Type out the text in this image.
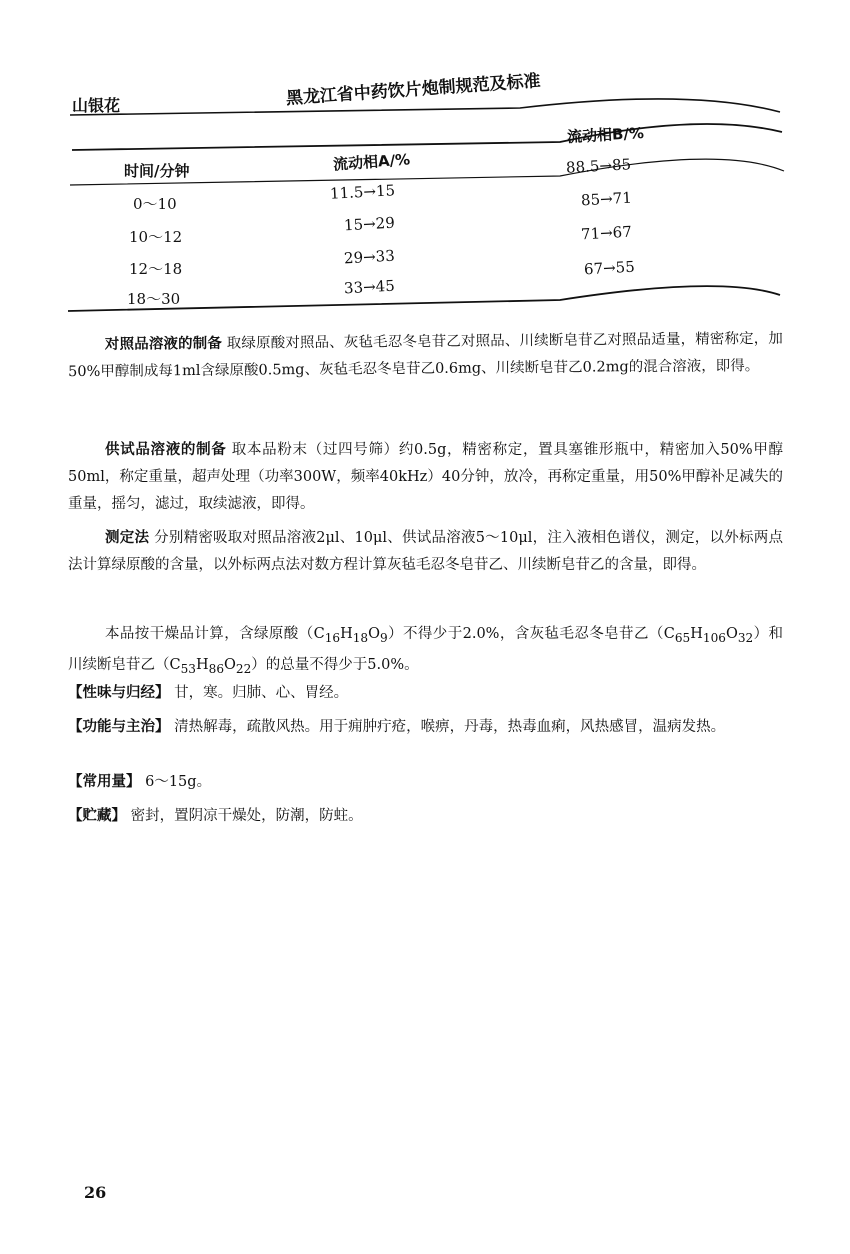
山银花	黑龙江省中药饮片炮制规范及标准
时间/分钟	流动相A/%
流动相B/%
0～10
11.5→15
88.5→85
10～12
15→29
85→71
12～18
29→33
71→67
18～30
33→45
67→55

对照品溶液的制备 取绿原酸对照品、灰毡毛忍冬皂苷乙对照品、川续断皂苷乙对照品适量，精密称定，加50%甲醇制成每1ml含绿原酸0.5mg、灰毡毛忍冬皂苷乙0.6mg、川续断皂苷乙0.2mg的混合溶液，即得。

供试品溶液的制备 取本品粉末（过四号筛）约0.5g，精密称定，置具塞锥形瓶中，精密加入50%甲醇50ml，称定重量，超声处理（功率300W，频率40kHz）40分钟，放冷，再称定重量，用50%甲醇补足减失的重量，摇匀，滤过，取续滤液，即得。

测定法 分别精密吸取对照品溶液2μl、10μl、供试品溶液5～10μl，注入液相色谱仪，测定，以外标两点法计算绿原酸的含量，以外标两点法对数方程计算灰毡毛忍冬皂苷乙、川续断皂苷乙的含量，即得。

本品按干燥品计算，含绿原酸$(C_{16}H_{18}O_9)$不得少于2.0%，含灰毡毛忍冬皂苷乙$(C_{65}H_{106}O_{32})$和川续断皂苷乙$(C_{53}H_{86}O_{22})$的总量不得少于5.0%。

【性味与归经】 甘，寒。归肺、心、胃经。

【功能与主治】 清热解毒，疏散风热。用于痈肿疔疮，喉痹，丹毒，热毒血痢，风热感冒，温病发热。

【常用量】 6～15g。

【贮藏】 密封，置阴凉干燥处，防潮，防蛀。

26
